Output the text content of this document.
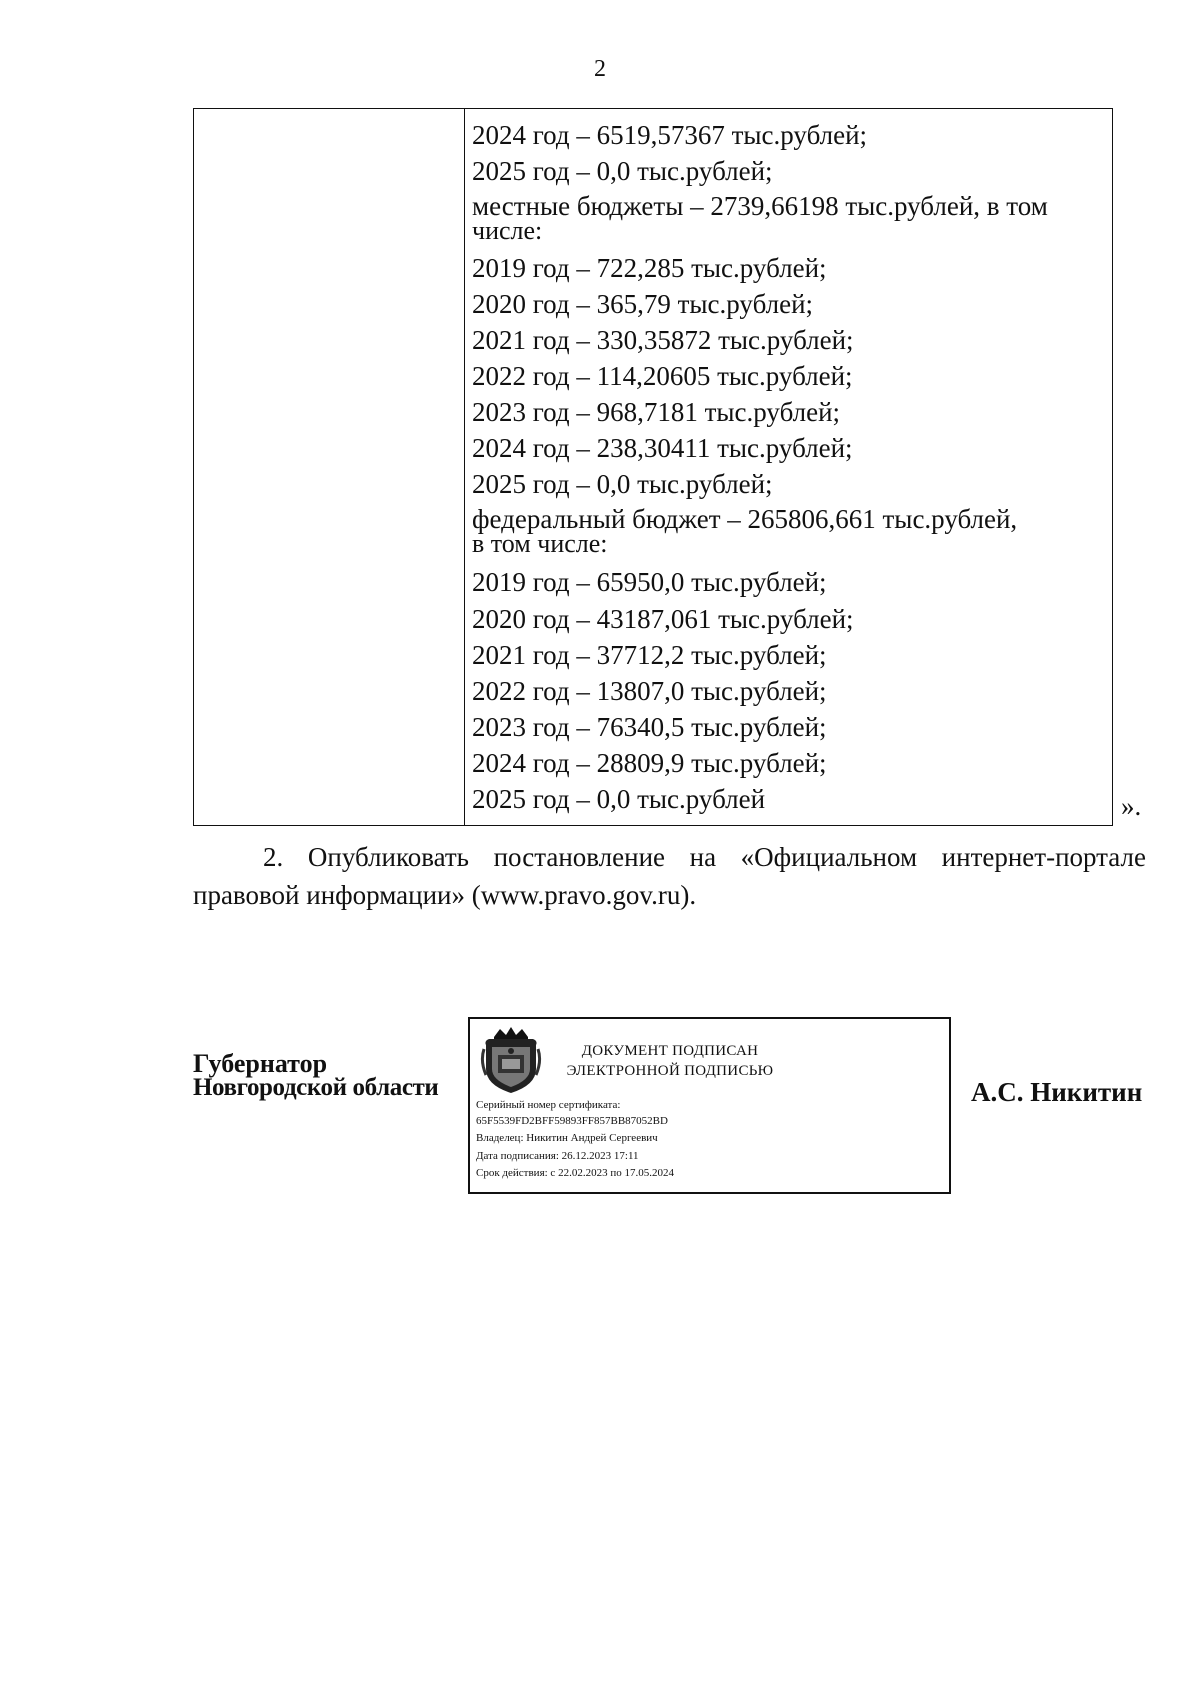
2
2024 год – 6519,57367 тыс.рублей;
2025 год – 0,0 тыс.рублей;
местные бюджеты – 2739,66198 тыс.рублей, в том
числе:
2019 год – 722,285 тыс.рублей;
2020 год – 365,79 тыс.рублей;
2021 год – 330,35872 тыс.рублей;
2022 год – 114,20605 тыс.рублей;
2023 год – 968,7181 тыс.рублей;
2024 год – 238,30411 тыс.рублей;
2025 год – 0,0 тыс.рублей;
федеральный бюджет – 265806,661 тыс.рублей,
в том числе:
2019 год – 65950,0 тыс.рублей;
2020 год – 43187,061 тыс.рублей;
2021 год – 37712,2 тыс.рублей;
2022 год – 13807,0 тыс.рублей;
2023 год – 76340,5 тыс.рублей;
2024 год – 28809,9 тыс.рублей;
2025 год – 0,0 тыс.рублей	».
2. Опубликовать постановление на «Официальном интернет-портале правовой информации» (www.pravo.gov.ru).
Губернатор
Новгородской области
ДОКУМЕНТ ПОДПИСАН
ЭЛЕКТРОННОЙ ПОДПИСЬЮ
Серийный номер сертификата:
65F5539FD2BFF59893FF857BB87052BD
Владелец: Никитин Андрей Сергеевич
Дата подписания: 26.12.2023 17:11
Срок действия: с 22.02.2023 по 17.05.2024
А.С. Никитин
